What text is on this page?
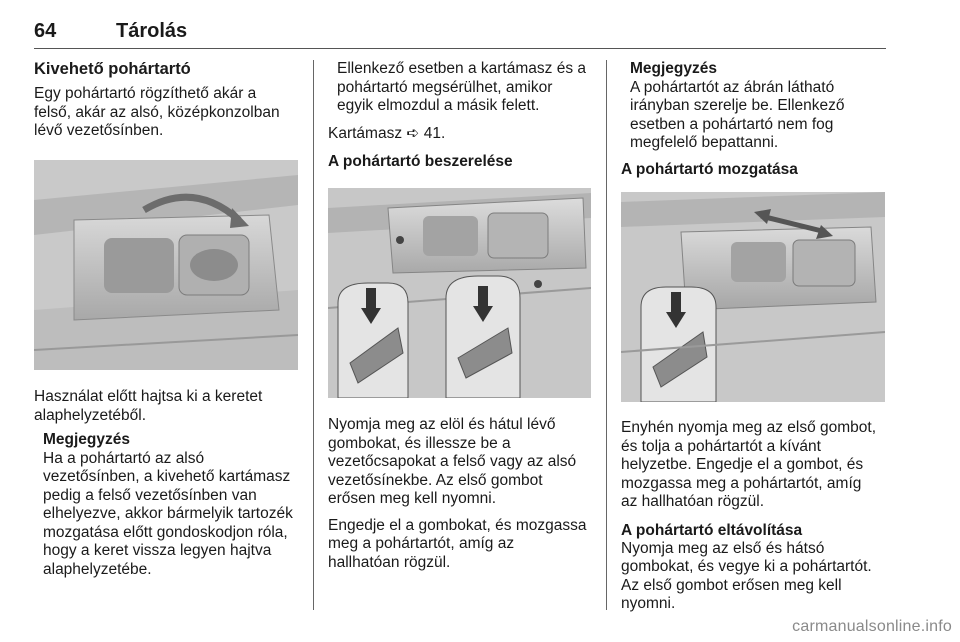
64	Tárolás
Kivehető pohártartó
Egy pohártartó rögzíthető akár a
felső, akár az alsó, középkonzolban
lévő vezetősínben.
Használat előtt hajtsa ki a keretet
alaphelyzetéből.
Megjegyzés
Ha a pohártartó az alsó
vezetősínben, a kivehető kartámasz
pedig a felső vezetősínben van
elhelyezve, akkor bármelyik tartozék
mozgatása előtt gondoskodjon róla,
hogy a keret vissza legyen hajtva
alaphelyzetébe.
Ellenkező esetben a kartámasz és a
pohártartó megsérülhet, amikor
egyik elmozdul a másik felett.
Kartámasz ➪ 41.
A pohártartó beszerelése
Nyomja meg az elöl és hátul lévő
gombokat, és illessze be a
vezetőcsapokat a felső vagy az alsó
vezetősínekbe. Az első gombot
erősen meg kell nyomni.
Engedje el a gombokat, és mozgassa
meg a pohártartót, amíg az
hallhatóan rögzül.
Megjegyzés
A pohártartót az ábrán látható
irányban szerelje be. Ellenkező
esetben a pohártartó nem fog
megfelelő bepattanni.
A pohártartó mozgatása
Enyhén nyomja meg az első gombot,
és tolja a pohártartót a kívánt
helyzetbe. Engedje el a gombot, és
mozgassa meg a pohártartót, amíg
az hallhatóan rögzül.
A pohártartó eltávolítása
Nyomja meg az első és hátsó
gombokat, és vegye ki a pohártartót.
Az első gombot erősen meg kell
nyomni.
carmanualsonline.info
